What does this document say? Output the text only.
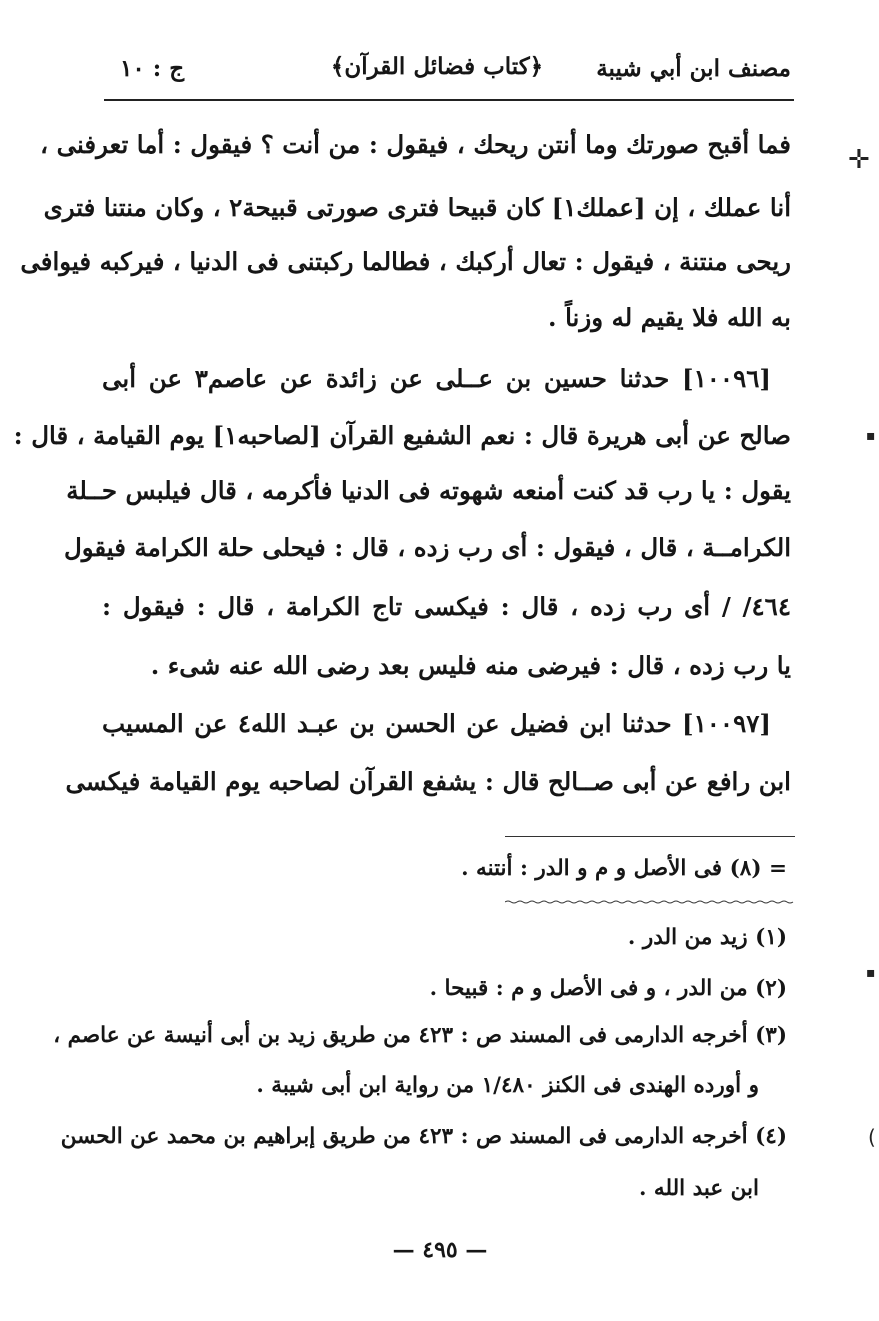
مصنف ابن أبي شيبة
﴿كتاب فضائل القرآن﴾
ج : ١٠
فما أقبح صورتك وما أنتن ريحك ، فيقول : من أنت ؟ فيقول : أما تعرفنى ،
أنا عملك ، إن [عملك١] كان قبيحا فترى صورتى قبيحة٢ ، وكان منتنا فترى
ريحى منتنة ، فيقول : تعال أركبك ، فطالما ركبتنى فى الدنيا ، فيركبه فيوافى
به الله فلا يقيم له وزناً .
[١٠٠٩٦] حدثنا حسين بن عــلى عن زائدة عن عاصم٣ عن أبى
صالح عن أبى هريرة قال : نعم الشفيع القرآن [لصاحبه١] يوم القيامة ، قال :
يقول : يا رب قد كنت أمنعه شهوته فى الدنيا فأكرمه ، قال فيلبس حــلة
الكرامــة ، قال ، فيقول : أى رب زده ، قال : فيحلى حلة الكرامة فيقول
٤٦٤/ / أى رب زده ، قال : فيكسى تاج الكرامة ، قال : فيقول :
يا رب زده ، قال : فيرضى منه فليس بعد رضى الله عنه شىء .
[١٠٠٩٧] حدثنا ابن فضيل عن الحسن بن عبـد الله٤ عن المسيب
ابن رافع عن أبى صــالح قال : يشفع القرآن لصاحبه يوم القيامة فيكسى
= (٨) فى الأصل و م و الدر : أنتنه .
(١) زيد من الدر .
(٢) من الدر ، و فى الأصل و م : قبيحا .
(٣) أخرجه الدارمى فى المسند ص : ٤٢٣ من طريق زيد بن أبى أنيسة عن عاصم ،
و أورده الهندى فى الكنز ١/٤٨٠ من رواية ابن أبى شيبة .
(٤) أخرجه الدارمى فى المسند ص : ٤٢٣ من طريق إبراهيم بن محمد عن الحسن
ابن عبد الله .
— ٤٩٥ —
✛
▪
▪
(
